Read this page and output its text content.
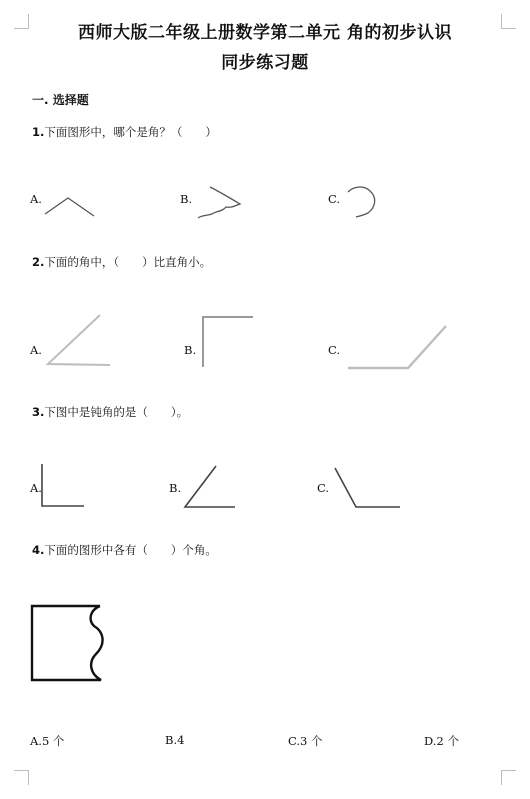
西师大版二年级上册数学第二单元 角的初步认识
同步练习题
一. 选择题
1.下面图形中，哪个是角？（　　）
A.	B.	C.
2.下面的角中，（　　）比直角小。
A.	B.	C.
3.下图中是钝角的是（　　）。
A.	B.	C.
4.下面的图形中各有（　　）个角。
A.5 个	B.4	C.3 个	D.2 个
